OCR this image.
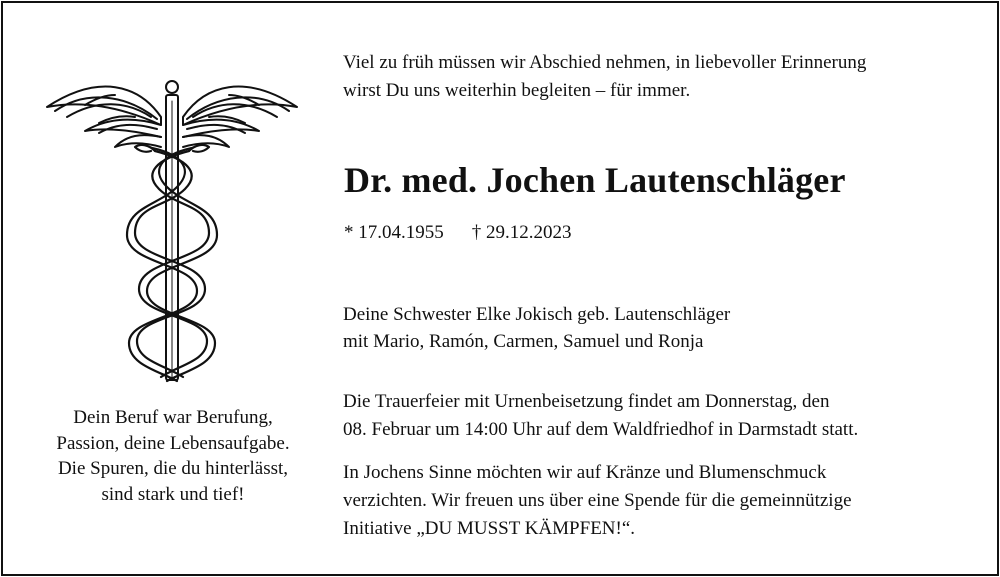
Dein Beruf war Berufung,
Passion, deine Lebensaufgabe.
Die Spuren, die du hinterlässt,
sind stark und tief!
Viel zu früh müssen wir Abschied nehmen, in liebevoller Erinnerung
wirst Du uns weiterhin begleiten – für immer.
Dr. med. Jochen Lautenschläger
* 17.04.1955 † 29.12.2023
Deine Schwester Elke Jokisch geb. Lautenschläger
mit Mario, Ramón, Carmen, Samuel und Ronja
Die Trauerfeier mit Urnenbeisetzung findet am Donnerstag, den
08. Februar um 14:00 Uhr auf dem Waldfriedhof in Darmstadt statt.
In Jochens Sinne möchten wir auf Kränze und Blumenschmuck
verzichten. Wir freuen uns über eine Spende für die gemeinnützige
Initiative „DU MUSST KÄMPFEN!“.
